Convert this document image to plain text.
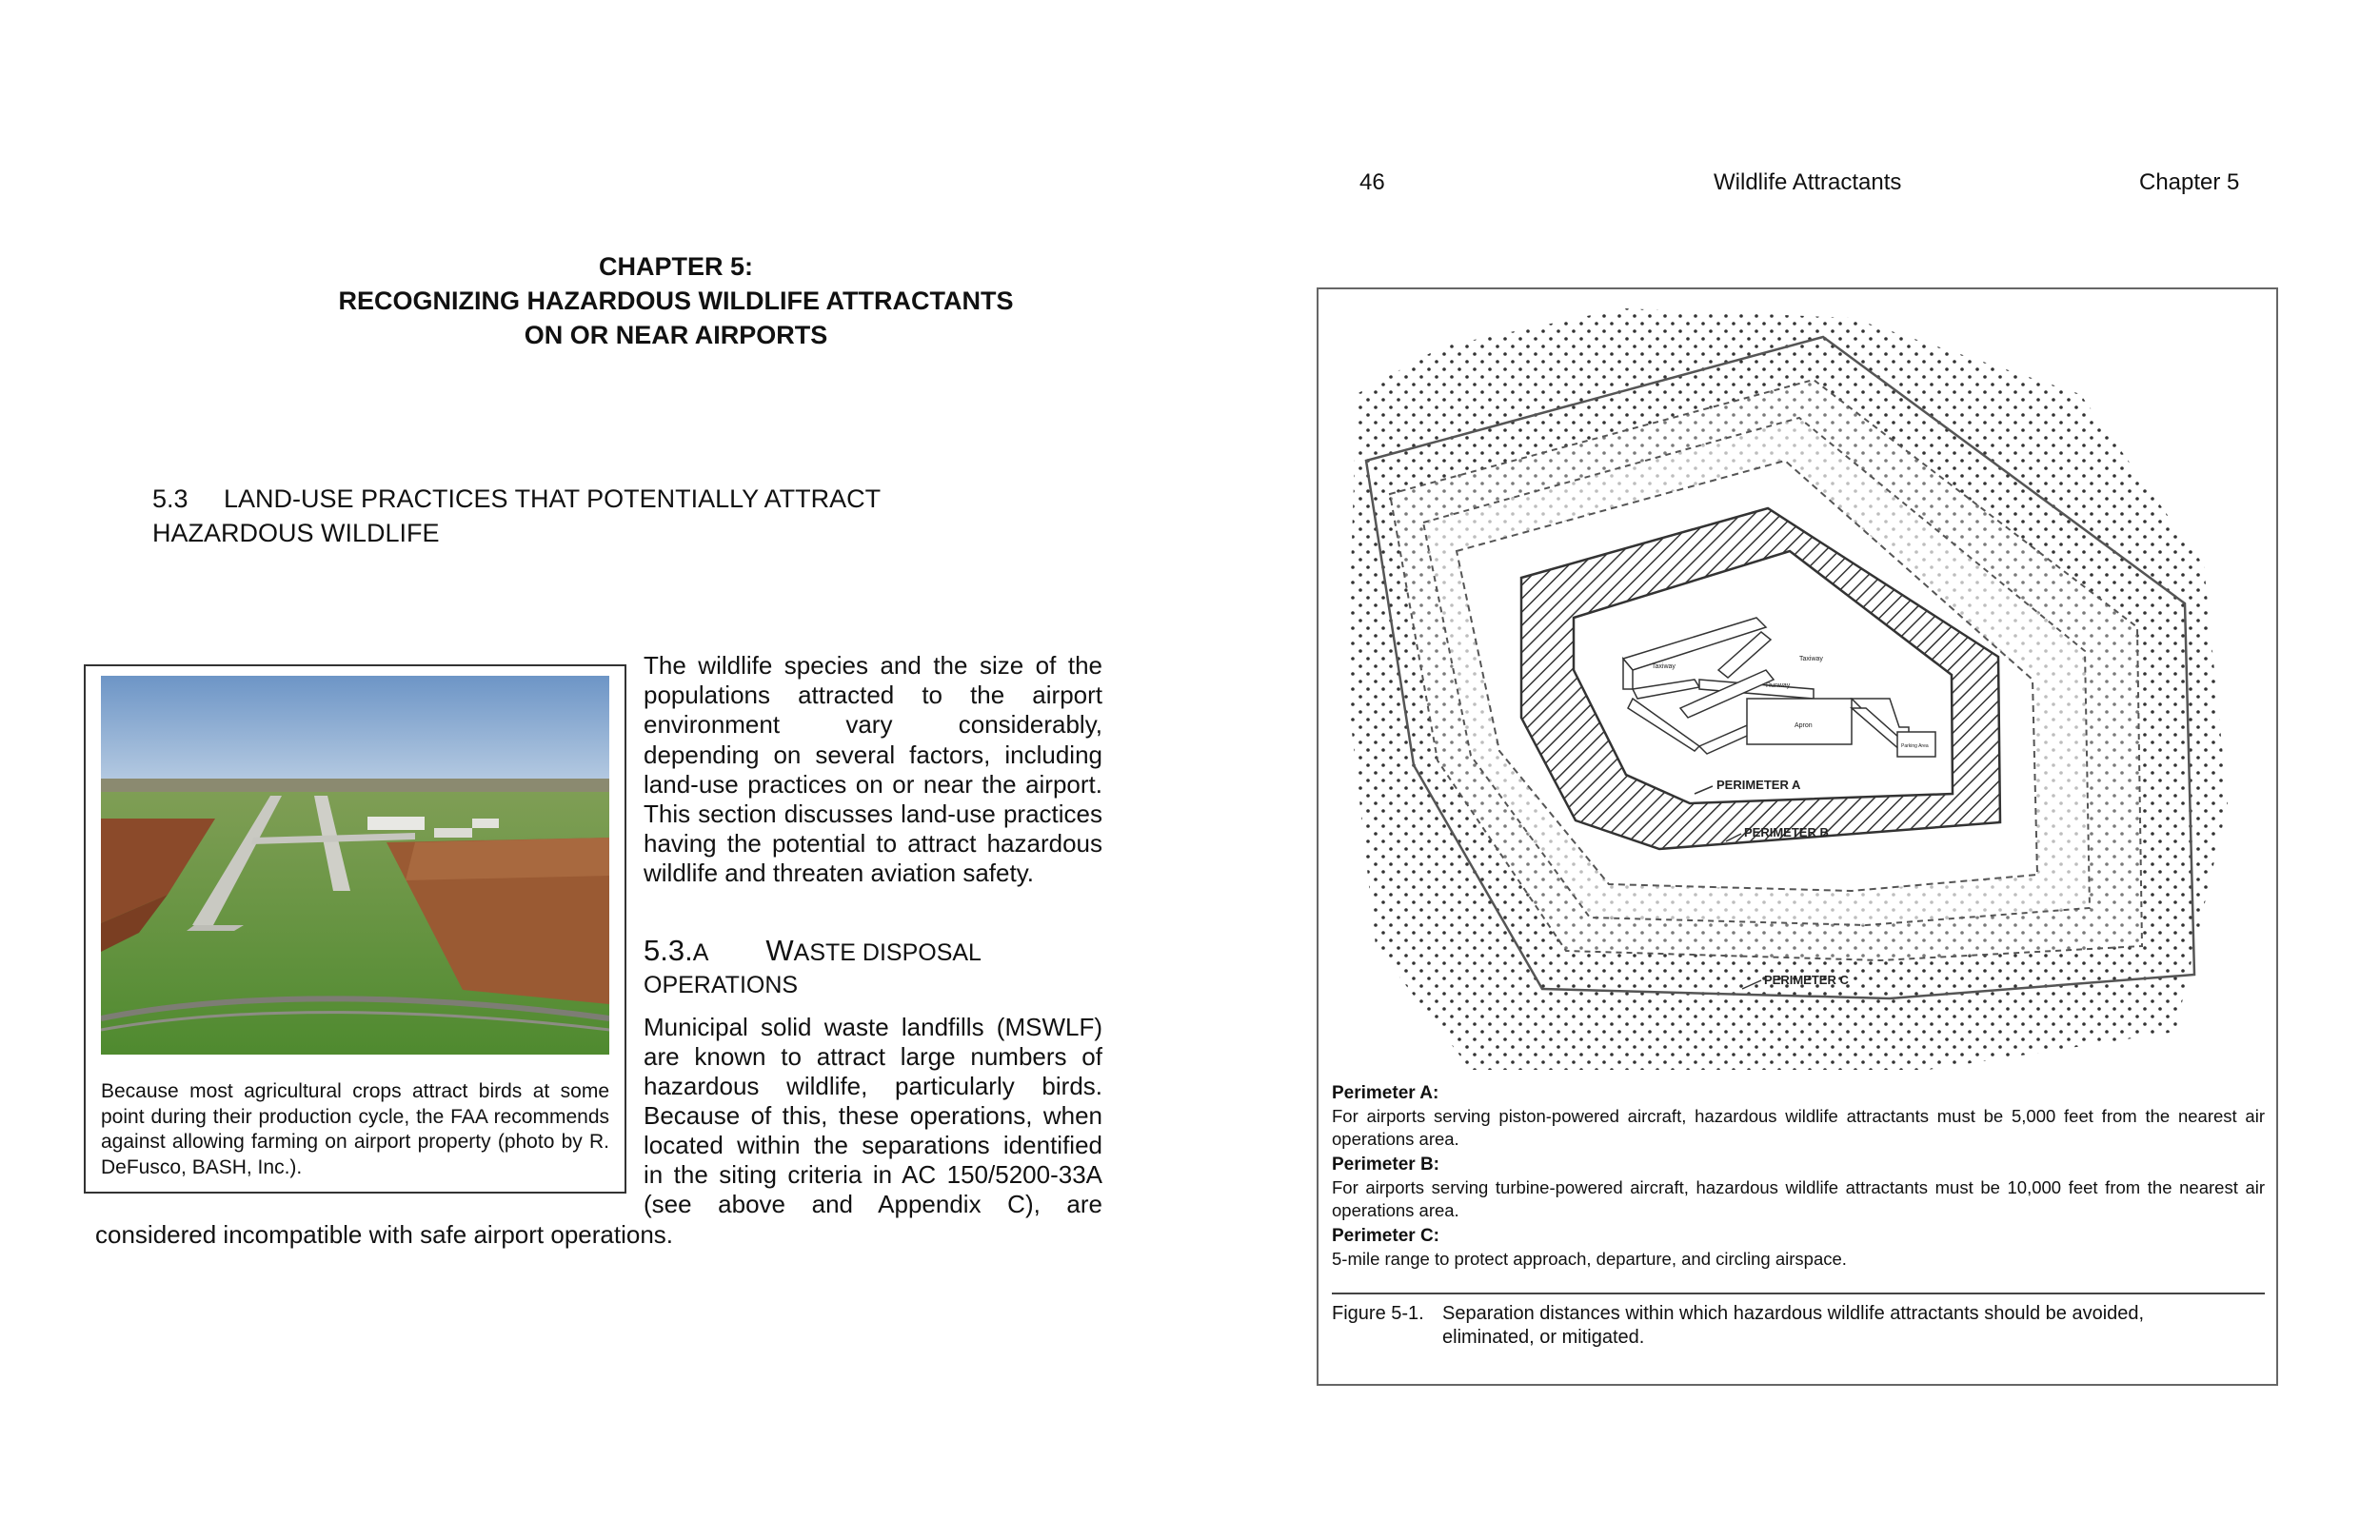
CHAPTER 5:
RECOGNIZING HAZARDOUS WILDLIFE ATTRACTANTS
ON OR NEAR AIRPORTS
5.3 LAND-USE PRACTICES THAT POTENTIALLY ATTRACT
HAZARDOUS WILDLIFE
Because most agricultural crops attract birds at some point during their production cycle, the FAA recommends against allowing farming on airport property (photo by R. DeFusco, BASH, Inc.).
The wildlife species and the size of the populations attracted to the airport environment vary considerably, depending on several factors, including land-use practices on or near the airport. This section discusses land-use practices having the potential to attract hazardous wildlife and threaten aviation safety.
5.3.A WASTE DISPOSAL
OPERATIONS
Municipal solid waste landfills (MSWLF)
are known to attract large numbers of
hazardous wildlife, particularly birds.
Because of this, these operations, when
located within the separations identified
in the siting criteria in AC 150/5200-33A
(see above and Appendix C), are
considered incompatible with safe airport operations.
46	Wildlife Attractants	Chapter 5
Taxiway
Taxiway
Runway
Apron
Parking Area
PERIMETER A
PERIMETER B
PERIMETER C
Perimeter A:
For airports serving piston-powered aircraft, hazardous wildlife attractants must be 5,000 feet from the nearest air operations area.
Perimeter B:
For airports serving turbine-powered aircraft, hazardous wildlife attractants must be 10,000 feet from the nearest air operations area.
Perimeter C:
5-mile range to protect approach, departure, and circling airspace.
Figure 5-1. Separation distances within which hazardous wildlife attractants should be avoided,
eliminated, or mitigated.
